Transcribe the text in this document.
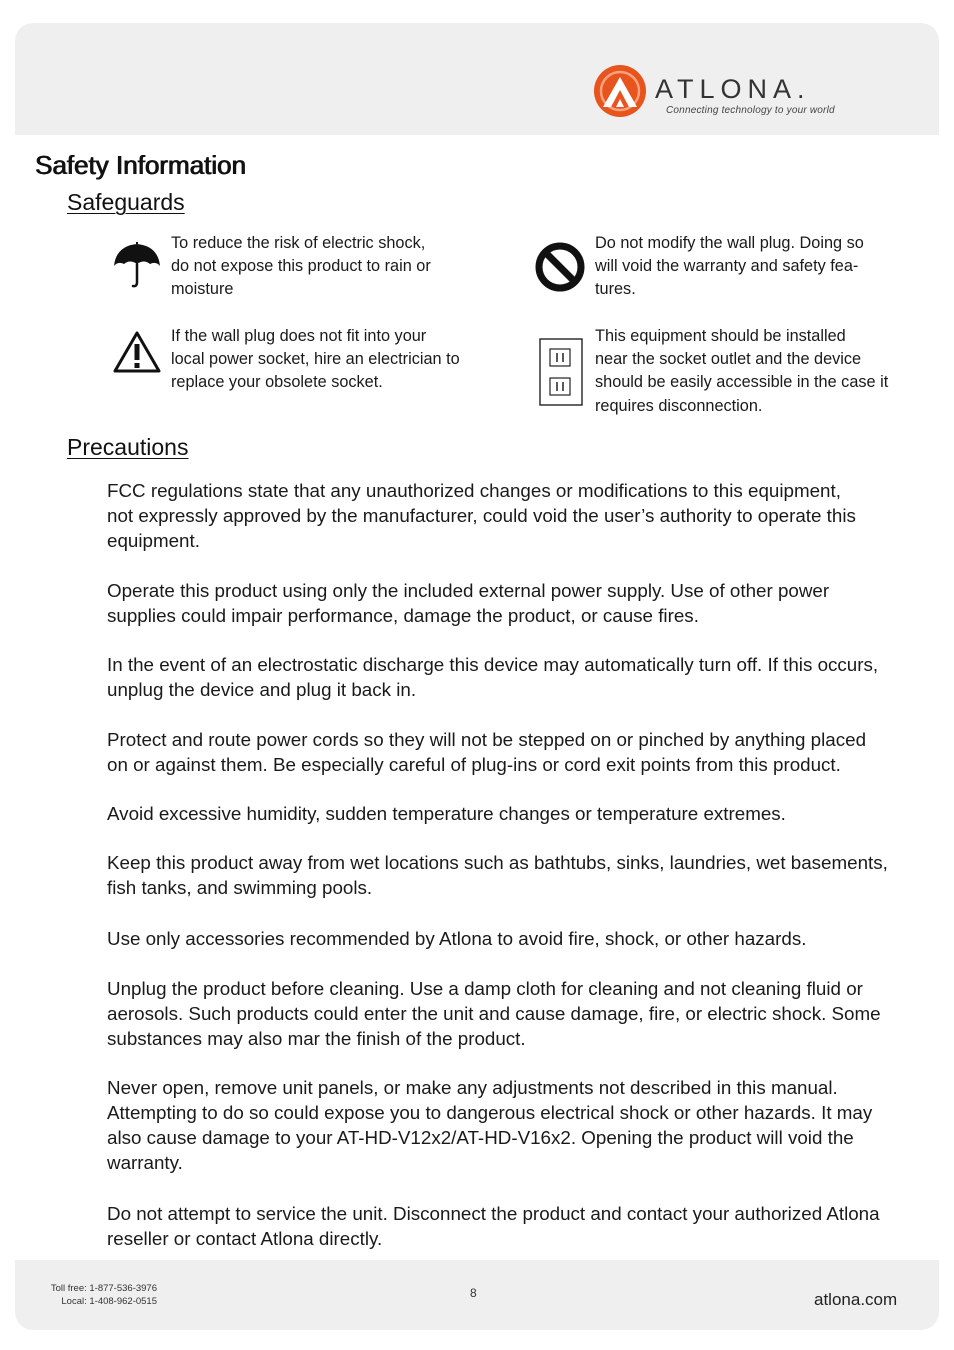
ATLONA.
Connecting technology to your world
Safety Information
Safeguards

To reduce the risk of electric shock,
do not expose this product to rain or
moisture

Do not modify the wall plug. Doing so
will void the warranty and safety fea-
tures.

If the wall plug does not fit into your
local power socket, hire an electrician to
replace your obsolete socket.

This equipment should be installed
near the socket outlet and the device
should be easily accessible in the case it
requires disconnection.

Precautions

FCC regulations state that any unauthorized changes or modifications to this equipment,
not expressly approved by the manufacturer, could void the user’s authority to operate this
equipment.

Operate this product using only the included external power supply. Use of other power
supplies could impair performance, damage the product, or cause fires.

In the event of an electrostatic discharge this device may automatically turn off. If this occurs,
unplug the device and plug it back in.

Protect and route power cords so they will not be stepped on or pinched by anything placed
on or against them. Be especially careful of plug-ins or cord exit points from this product.

Avoid excessive humidity, sudden temperature changes or temperature extremes.

Keep this product away from wet locations such as bathtubs, sinks, laundries, wet basements,
fish tanks, and swimming pools.

Use only accessories recommended by Atlona to avoid fire, shock, or other hazards.

Unplug the product before cleaning. Use a damp cloth for cleaning and not cleaning fluid or
aerosols. Such products could enter the unit and cause damage, fire, or electric shock. Some
substances may also mar the finish of the product.

Never open, remove unit panels, or make any adjustments not described in this manual.
Attempting to do so could expose you to dangerous electrical shock or other hazards. It may
also cause damage to your AT-HD-V12x2/AT-HD-V16x2. Opening the product will void the
warranty.

Do not attempt to service the unit. Disconnect the product and contact your authorized Atlona
reseller or contact Atlona directly.

Toll free: 1-877-536-3976
Local: 1-408-962-0515
8	atlona.com
